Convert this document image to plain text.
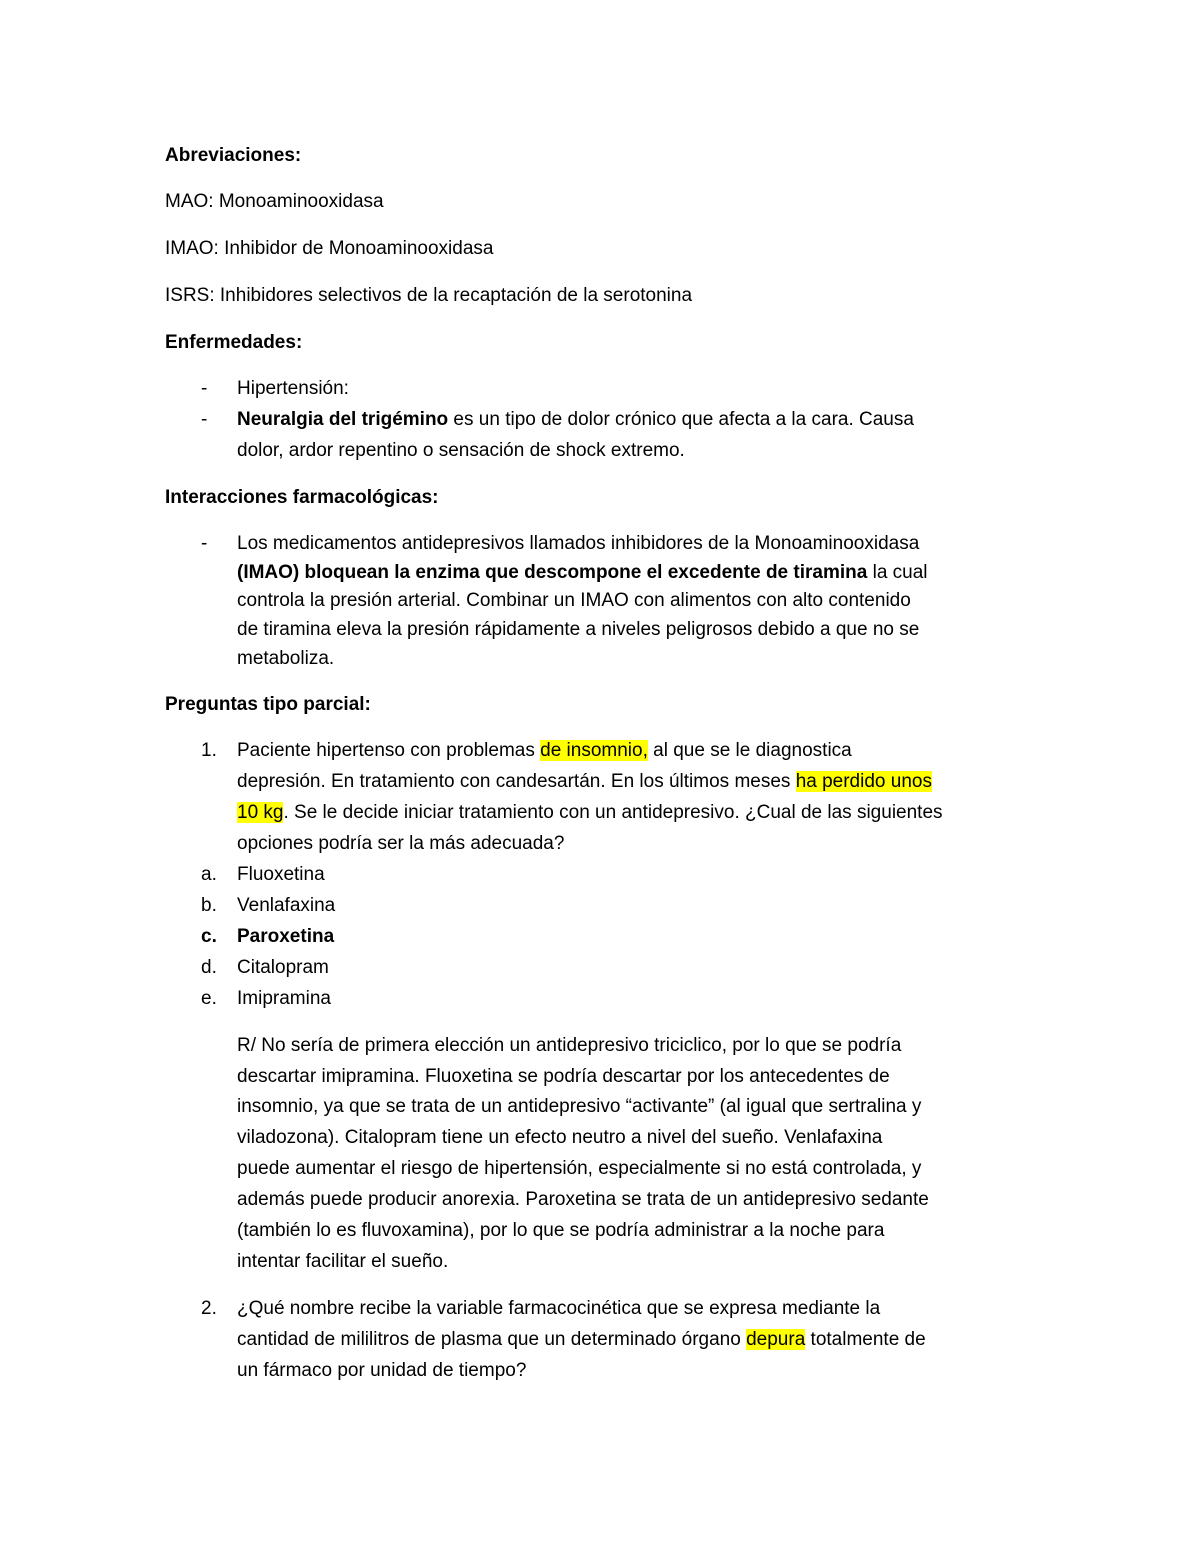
Abreviaciones:
MAO: Monoaminooxidasa
IMAO: Inhibidor de Monoaminooxidasa
ISRS: Inhibidores selectivos de la recaptación de la serotonina
Enfermedades:
- Hipertensión:
- Neuralgia del trigémino es un tipo de dolor crónico que afecta a la cara. Causa
dolor, ardor repentino o sensación de shock extremo.
Interacciones farmacológicas:
- Los medicamentos antidepresivos llamados inhibidores de la Monoaminooxidasa
(IMAO) bloquean la enzima que descompone el excedente de tiramina la cual
controla la presión arterial. Combinar un IMAO con alimentos con alto contenido
de tiramina eleva la presión rápidamente a niveles peligrosos debido a que no se
metaboliza.
Preguntas tipo parcial:
1. Paciente hipertenso con problemas de insomnio, al que se le diagnostica
depresión. En tratamiento con candesartán. En los últimos meses ha perdido unos
10 kg. Se le decide iniciar tratamiento con un antidepresivo. ¿Cual de las siguientes
opciones podría ser la más adecuada?
a. Fluoxetina
b. Venlafaxina
c. Paroxetina
d. Citalopram
e. Imipramina
R/ No sería de primera elección un antidepresivo triciclico, por lo que se podría
descartar imipramina. Fluoxetina se podría descartar por los antecedentes de
insomnio, ya que se trata de un antidepresivo “activante” (al igual que sertralina y
viladozona). Citalopram tiene un efecto neutro a nivel del sueño. Venlafaxina
puede aumentar el riesgo de hipertensión, especialmente si no está controlada, y
además puede producir anorexia. Paroxetina se trata de un antidepresivo sedante
(también lo es fluvoxamina), por lo que se podría administrar a la noche para
intentar facilitar el sueño.
2. ¿Qué nombre recibe la variable farmacocinética que se expresa mediante la
cantidad de mililitros de plasma que un determinado órgano depura totalmente de
un fármaco por unidad de tiempo?
